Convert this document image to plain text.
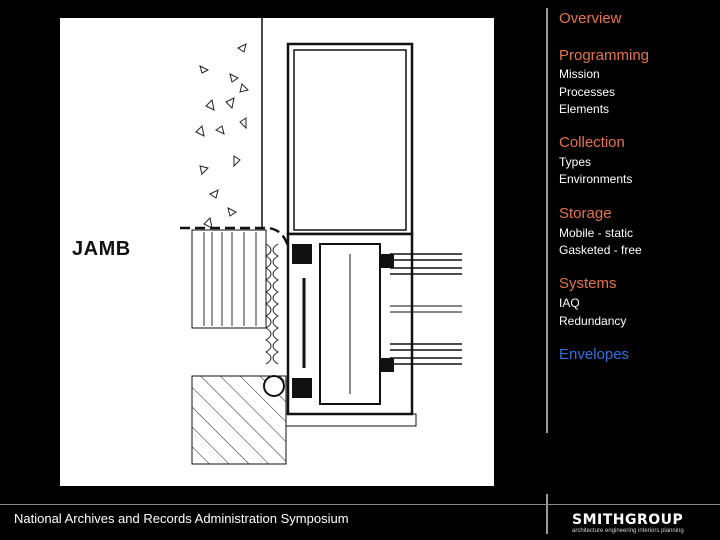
JAMB
Overview
Programming
Mission
Processes
Elements
Collection
Types
Environments
Storage
Mobile - static
Gasketed - free
Systems
IAQ
Redundancy
Envelopes
National Archives and Records Administration Symposium	SMITHGROUP
architecture engineering interiors planning
